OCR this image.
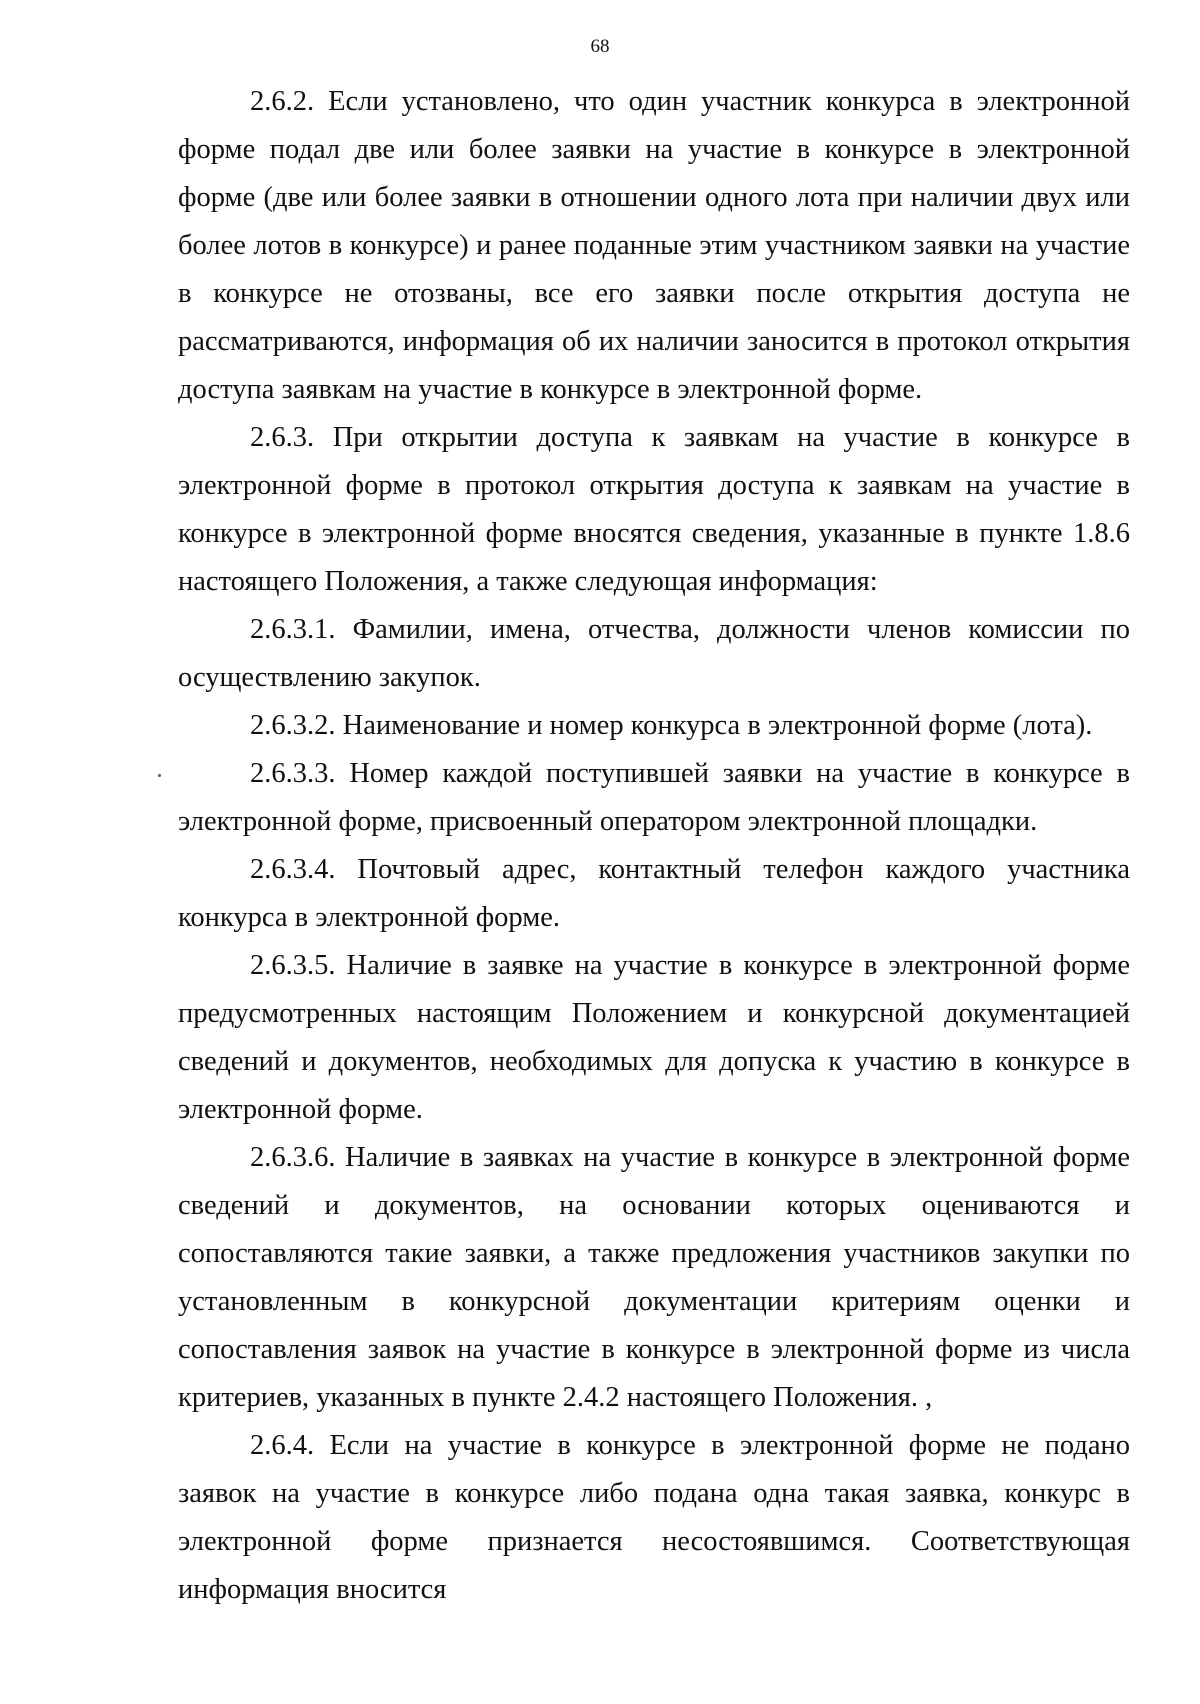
68

2.6.2. Если установлено, что один участник конкурса в электронной форме подал две или более заявки на участие в конкурсе в электронной форме (две или более заявки в отношении одного лота при наличии двух или более лотов в конкурсе) и ранее поданные этим участником заявки на участие в конкурсе не отозваны, все его заявки после открытия доступа не рассматриваются, информация об их наличии заносится в протокол открытия доступа заявкам на участие в конкурсе в электронной форме.

2.6.3. При открытии доступа к заявкам на участие в конкурсе в электронной форме в протокол открытия доступа к заявкам на участие в конкурсе в электронной форме вносятся сведения, указанные в пункте 1.8.6 настоящего Положения, а также следующая информация:

2.6.3.1. Фамилии, имена, отчества, должности членов комиссии по осуществлению закупок.

2.6.3.2. Наименование и номер конкурса в электронной форме (лота).

2.6.3.3. Номер каждой поступившей заявки на участие в конкурсе в электронной форме, присвоенный оператором электронной площадки.

2.6.3.4. Почтовый адрес, контактный телефон каждого участника конкурса в электронной форме.

2.6.3.5. Наличие в заявке на участие в конкурсе в электронной форме предусмотренных настоящим Положением и конкурсной документацией сведений и документов, необходимых для допуска к участию в конкурсе в электронной форме.

2.6.3.6. Наличие в заявках на участие в конкурсе в электронной форме сведений и документов, на основании которых оцениваются и сопоставляются такие заявки, а также предложения участников закупки по установленным в конкурсной документации критериям оценки и сопоставления заявок на участие в конкурсе в электронной форме из числа критериев, указанных в пункте 2.4.2 настоящего Положения. ,

2.6.4. Если на участие в конкурсе в электронной форме не подано заявок на участие в конкурсе либо подана одна такая заявка, конкурс в электронной форме признается несостоявшимся. Соответствующая информация вносится
